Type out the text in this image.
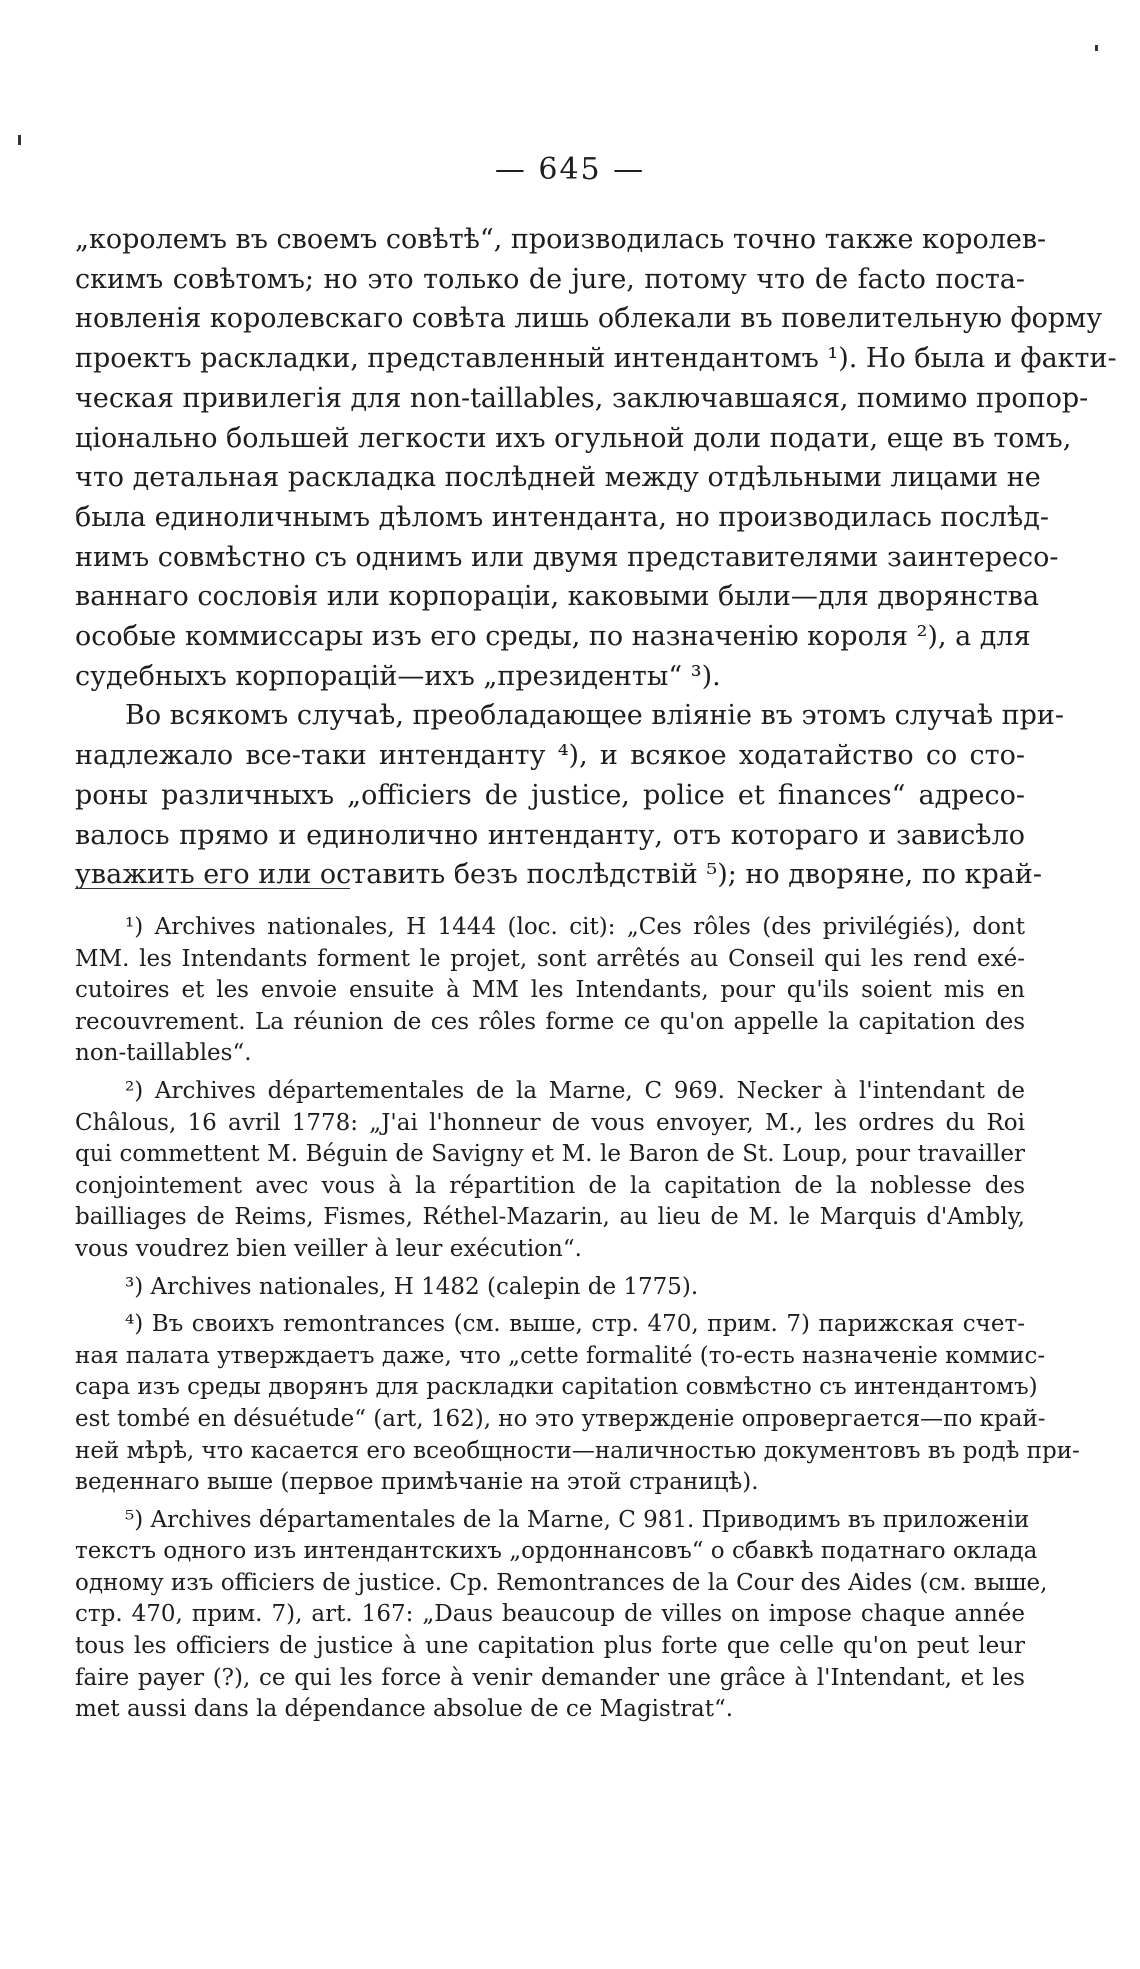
— 645 —
„королемъ въ своемъ совѣтѣ“, производилась точно также королев-
скимъ совѣтомъ; но это только de jure, потому что de facto поста-
новленія королевскаго совѣта лишь облекали въ повелительную форму
проектъ раскладки, представленный интендантомъ ¹). Но была и факти-
ческая привилегія для non-taillables, заключавшаяся, помимо пропор-
ціонально большей легкости ихъ огульной доли подати, еще въ томъ,
что детальная раскладка послѣдней между отдѣльными лицами не
была единоличнымъ дѣломъ интенданта, но производилась послѣд-
нимъ совмѣстно съ однимъ или двумя представителями заинтересо-
ваннаго сословія или корпораціи, каковыми были—для дворянства
особые коммиссары изъ его среды, по назначенію короля ²), а для
судебныхъ корпорацій—ихъ „президенты“ ³).
Во всякомъ случаѣ, преобладающее вліяніе въ этомъ случаѣ при-
надлежало все-таки интенданту ⁴), и всякое ходатайство со сто-
роны различныхъ „officiers de justice, police et finances“ адресо-
валось прямо и единолично интенданту, отъ котораго и зависѣло
уважить его или оставить безъ послѣдствій ⁵); но дворяне, по край-
¹) Archives nationales, H 1444 (loc. cit): „Ces rôles (des privilégiés), dont
MM. les Intendants forment le projet, sont arrêtés au Conseil qui les rend exé-
cutoires et les envoie ensuite à MM les Intendants, pour qu'ils soient mis en
recouvrement. La réunion de ces rôles forme ce qu'on appelle la capitation des
non-taillables“.
²) Archives départementales de la Marne, C 969. Necker à l'intendant de
Châlous, 16 avril 1778: „J'ai l'honneur de vous envoyer, M., les ordres du Roi
qui commettent M. Béguin de Savigny et M. le Baron de St. Loup, pour travailler
conjointement avec vous à la répartition de la capitation de la noblesse des
bailliages de Reims, Fismes, Réthel-Mazarin, au lieu de M. le Marquis d'Ambly,
vous voudrez bien veiller à leur exécution“.
³) Archives nationales, H 1482 (calepin de 1775).
⁴) Въ своихъ remontrances (см. выше, стр. 470, прим. 7) парижская счет-
ная палата утверждаетъ даже, что „cette formalité (то-есть назначеніе коммис-
сара изъ среды дворянъ для раскладки capitation совмѣстно съ интендантомъ)
est tombé en désuétude“ (art, 162), но это утвержденіе опровергается—по край-
ней мѣрѣ, что касается его всеобщности—наличностью документовъ въ родѣ при-
веденнаго выше (первое примѣчаніе на этой страницѣ).
⁵) Archives départamentales de la Marne, C 981. Приводимъ въ приложеніи
текстъ одного изъ интендантскихъ „ордоннансовъ“ о сбавкѣ податнаго оклада
одному изъ officiers de justice. Cp. Remontrances de la Cour des Aides (см. выше,
стр. 470, прим. 7), art. 167: „Daus beaucoup de villes on impose chaque année
tous les officiers de justice à une capitation plus forte que celle qu'on peut leur
faire payer (?), ce qui les force à venir demander une grâce à l'Intendant, et les
met aussi dans la dépendance absolue de ce Magistrat“.
